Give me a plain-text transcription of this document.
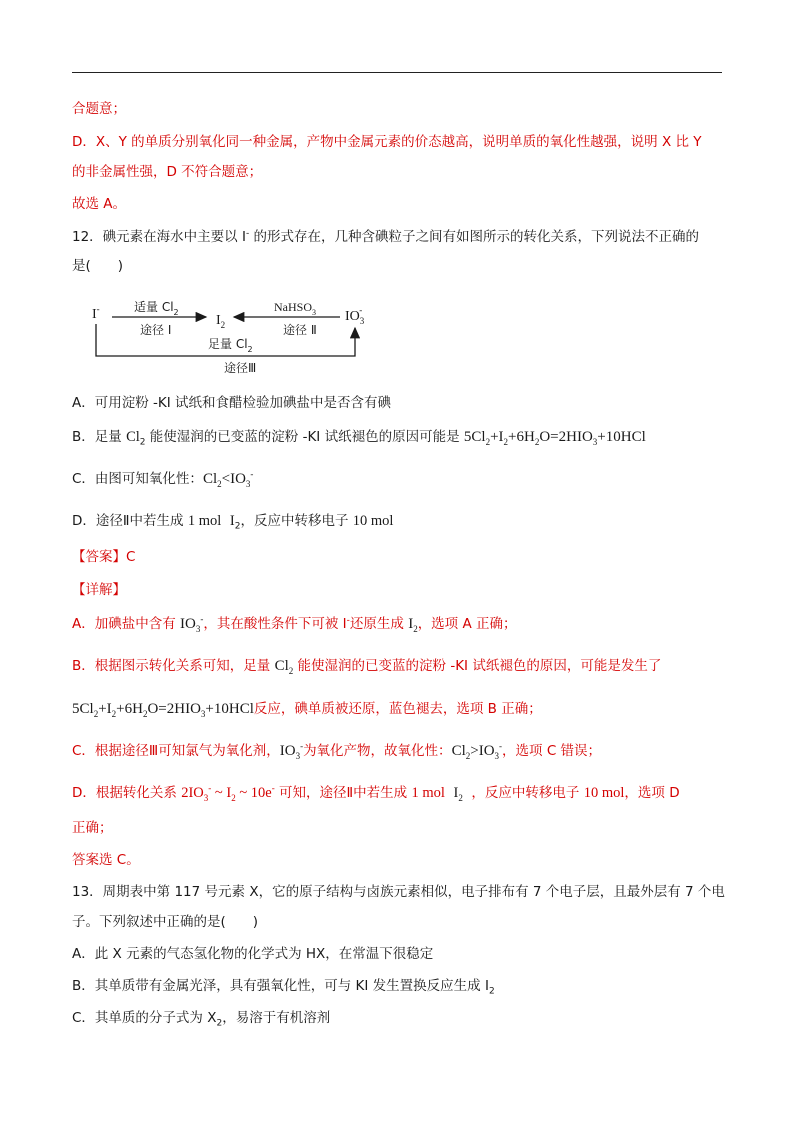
合题意；
D．X、Y 的单质分别氧化同一种金属，产物中金属元素的价态越高，说明单质的氧化性越强，说明 X 比 Y
的非金属性强，D 不符合题意；
故选 A。
12．碘元素在海水中主要以 I- 的形式存在，几种含碘粒子之间有如图所示的转化关系，下列说法不正确的
是(　　)
I-
$I_2$
$IO_3-$
适量 $Cl_2$
途径 I
NaHSO$_3$
途径 Ⅱ
足量 $Cl_2$
途径Ⅲ
A．可用淀粉 -KI 试纸和食醋检验加碘盐中是否含有碘
B．足量 $Cl_2$ 能使湿润的已变蓝的淀粉 -KI 试纸褪色的原因可能是 $5Cl_2+I_2+6H_2O=2HIO_3+10HCl$
C．由图可知氧化性：$Cl_2<IO_3^-$
D．途径Ⅱ中若生成 1 mol $I_2$，反应中转移电子 10 mol
【答案】C
【详解】
A．加碘盐中含有 $IO_3^-$，其在酸性条件下可被 I-还原生成 $I_2$，选项 A 正确；
B．根据图示转化关系可知，足量 $Cl_2$ 能使湿润的已变蓝的淀粉 -KI 试纸褪色的原因，可能是发生了
$5Cl_2+I_2+6H_2O=2HIO_3+10HCl$反应，碘单质被还原，蓝色褪去，选项 B 正确；
C．根据途径Ⅲ可知氯气为氧化剂，$IO_3^-$为氧化产物，故氧化性：$Cl_2>IO_3^-$，选项 C 错误；
D．根据转化关系 $2IO_3^-$ ~ $I_2$ ~ 10e- 可知，途径Ⅱ中若生成 1 mol $I_2$ ，反应中转移电子 10 mol，选项 D
正确；
答案选 C。
13．周期表中第 117 号元素 X，它的原子结构与卤族元素相似，电子排布有 7 个电子层，且最外层有 7 个电
子。下列叙述中正确的是(　　)
A．此 X 元素的气态氢化物的化学式为 HX，在常温下很稳定
B．其单质带有金属光泽，具有强氧化性，可与 KI 发生置换反应生成 $I_2$
C．其单质的分子式为 $X_2$，易溶于有机溶剂
